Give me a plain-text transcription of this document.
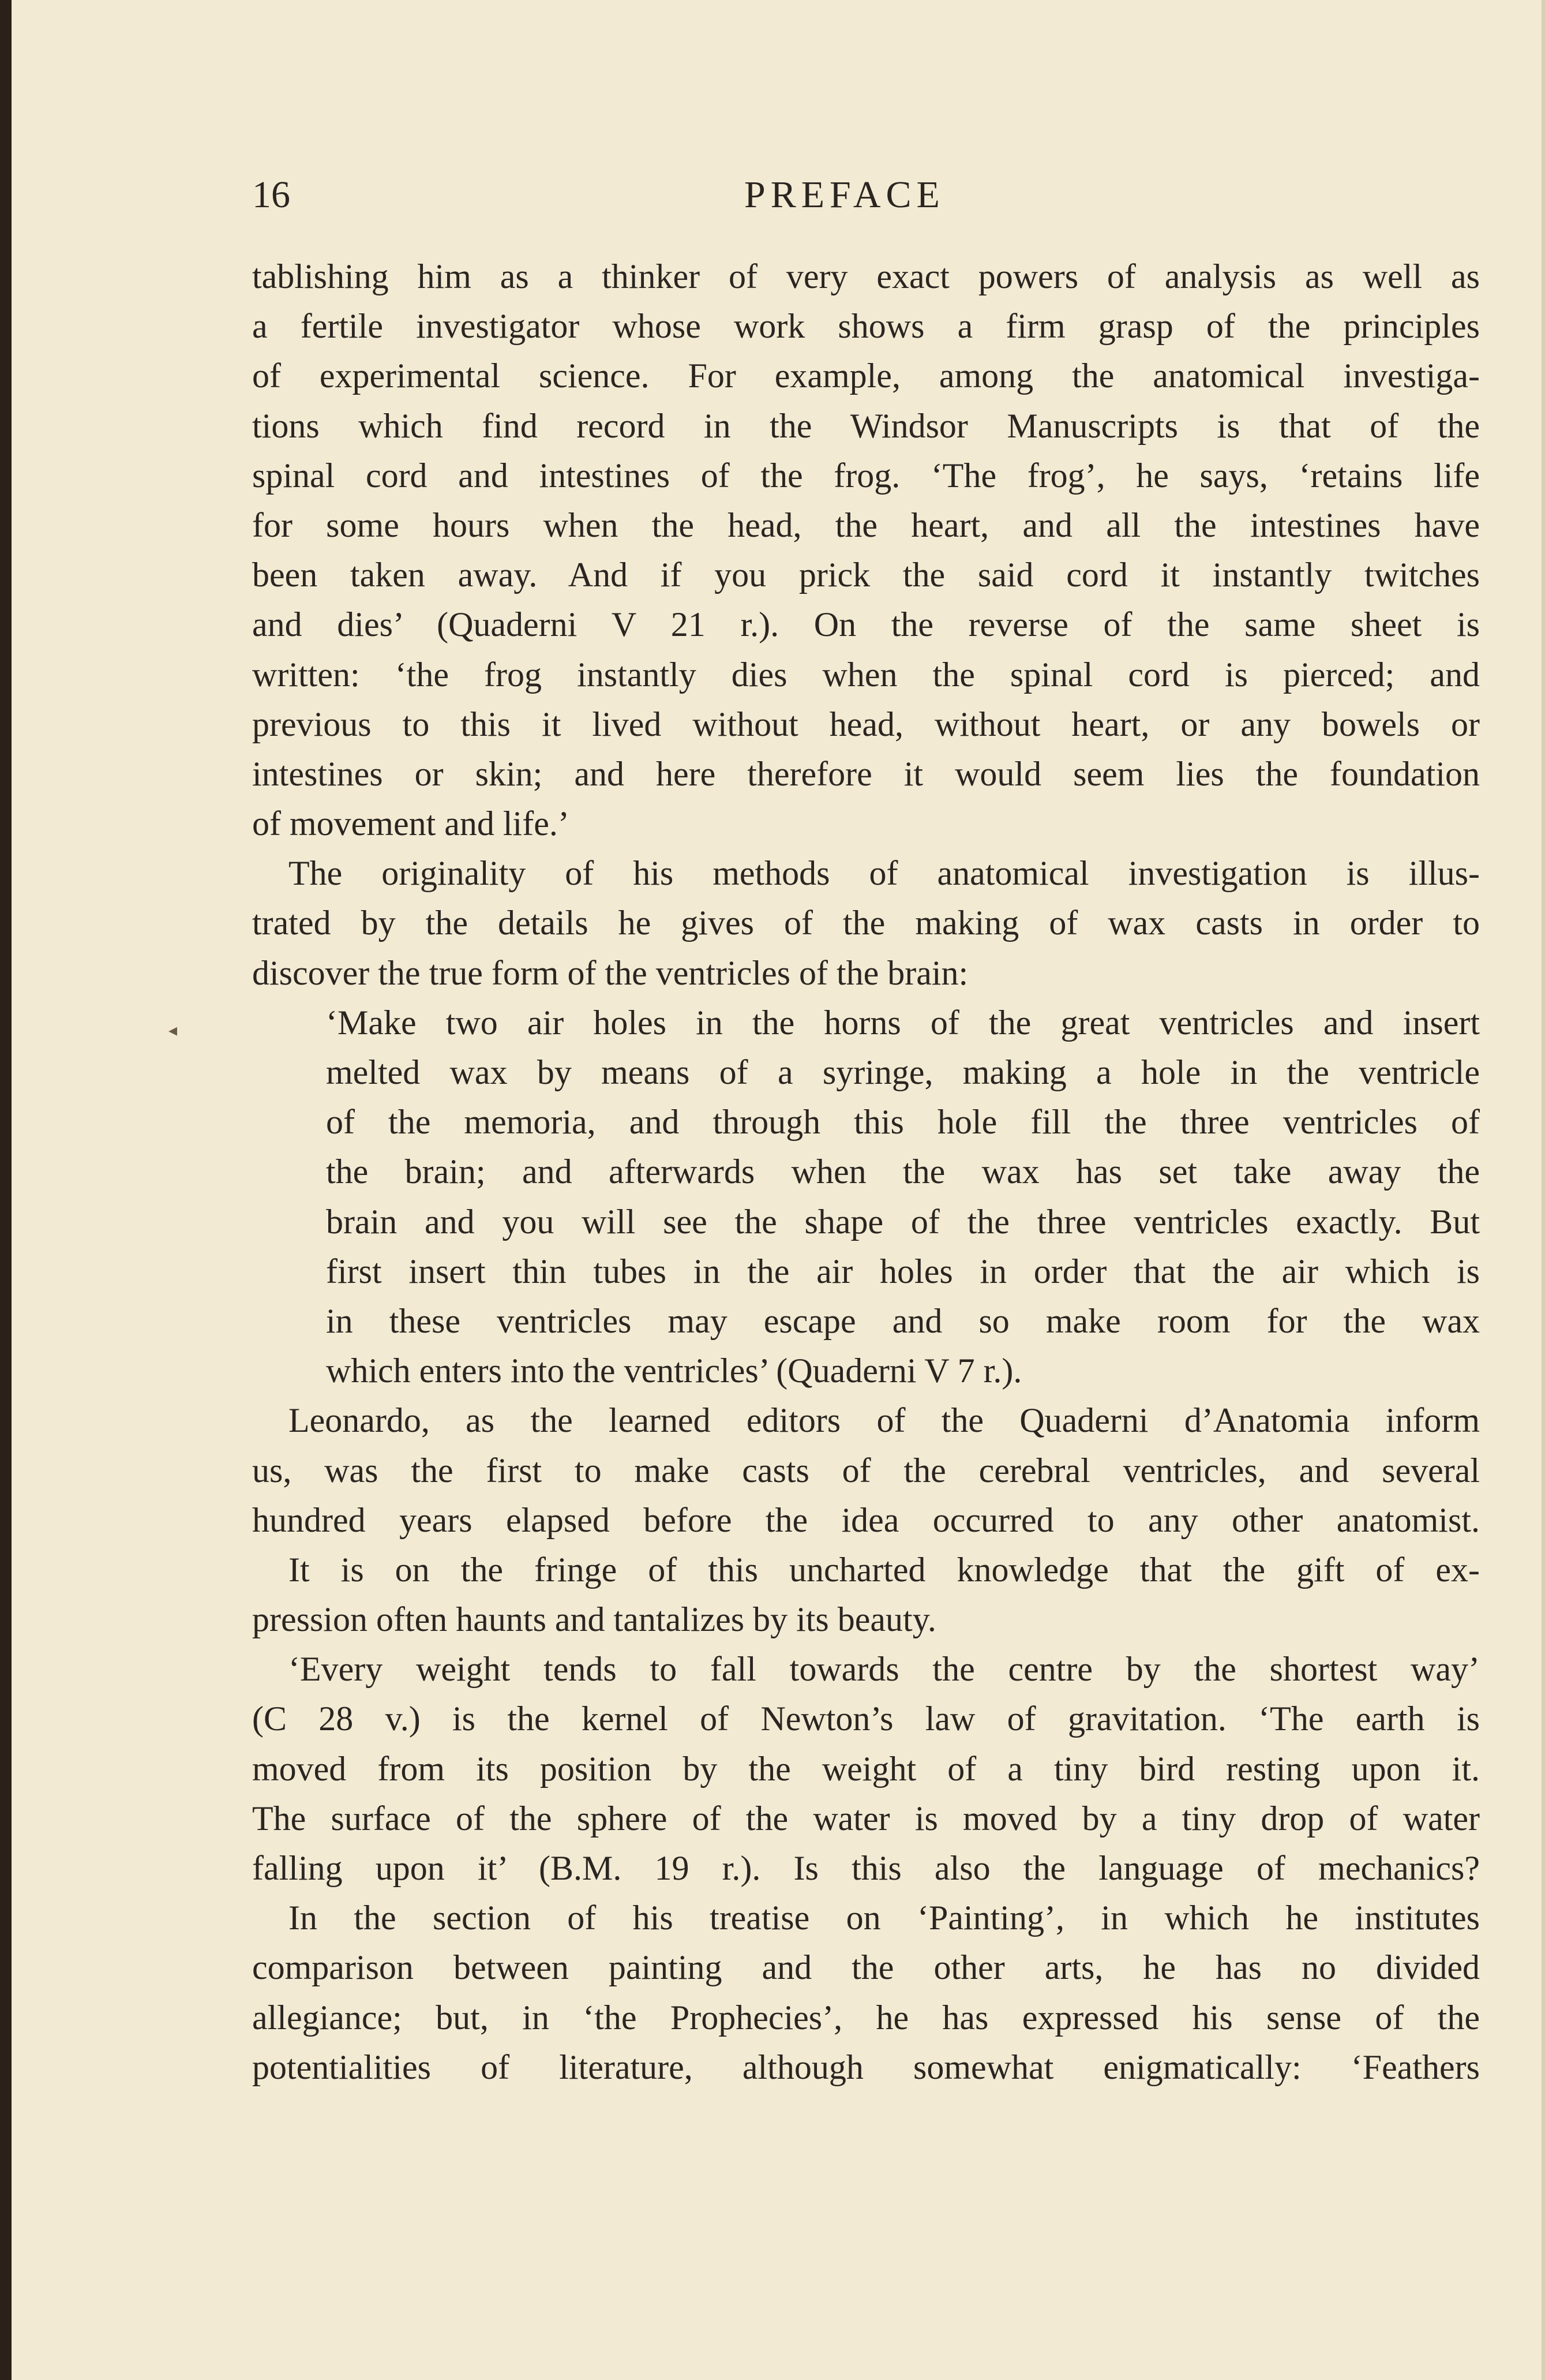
16	PREFACE
◂
tablishing him as a thinker of very exact powers of analysis as well as
a fertile investigator whose work shows a firm grasp of the principles
of experimental science. For example, among the anatomical investiga-
tions which find record in the Windsor Manuscripts is that of the
spinal cord and intestines of the frog. ‘The frog’, he says, ‘retains life
for some hours when the head, the heart, and all the intestines have
been taken away. And if you prick the said cord it instantly twitches
and dies’ (Quaderni V 21 r.). On the reverse of the same sheet is
written: ‘the frog instantly dies when the spinal cord is pierced; and
previous to this it lived without head, without heart, or any bowels or
intestines or skin; and here therefore it would seem lies the foundation
of movement and life.’
The originality of his methods of anatomical investigation is illus-
trated by the details he gives of the making of wax casts in order to
discover the true form of the ventricles of the brain:
‘Make two air holes in the horns of the great ventricles and insert
melted wax by means of a syringe, making a hole in the ventricle
of the memoria, and through this hole fill the three ventricles of
the brain; and afterwards when the wax has set take away the
brain and you will see the shape of the three ventricles exactly. But
first insert thin tubes in the air holes in order that the air which is
in these ventricles may escape and so make room for the wax
which enters into the ventricles’ (Quaderni V 7 r.).
Leonardo, as the learned editors of the Quaderni d’Anatomia inform
us, was the first to make casts of the cerebral ventricles, and several
hundred years elapsed before the idea occurred to any other anatomist.
It is on the fringe of this uncharted knowledge that the gift of ex-
pression often haunts and tantalizes by its beauty.
‘Every weight tends to fall towards the centre by the shortest way’
(C 28 v.) is the kernel of Newton’s law of gravitation. ‘The earth is
moved from its position by the weight of a tiny bird resting upon it.
The surface of the sphere of the water is moved by a tiny drop of water
falling upon it’ (B.M. 19 r.). Is this also the language of mechanics?
In the section of his treatise on ‘Painting’, in which he institutes
comparison between painting and the other arts, he has no divided
allegiance; but, in ‘the Prophecies’, he has expressed his sense of the
potentialities of literature, although somewhat enigmatically: ‘Feathers
